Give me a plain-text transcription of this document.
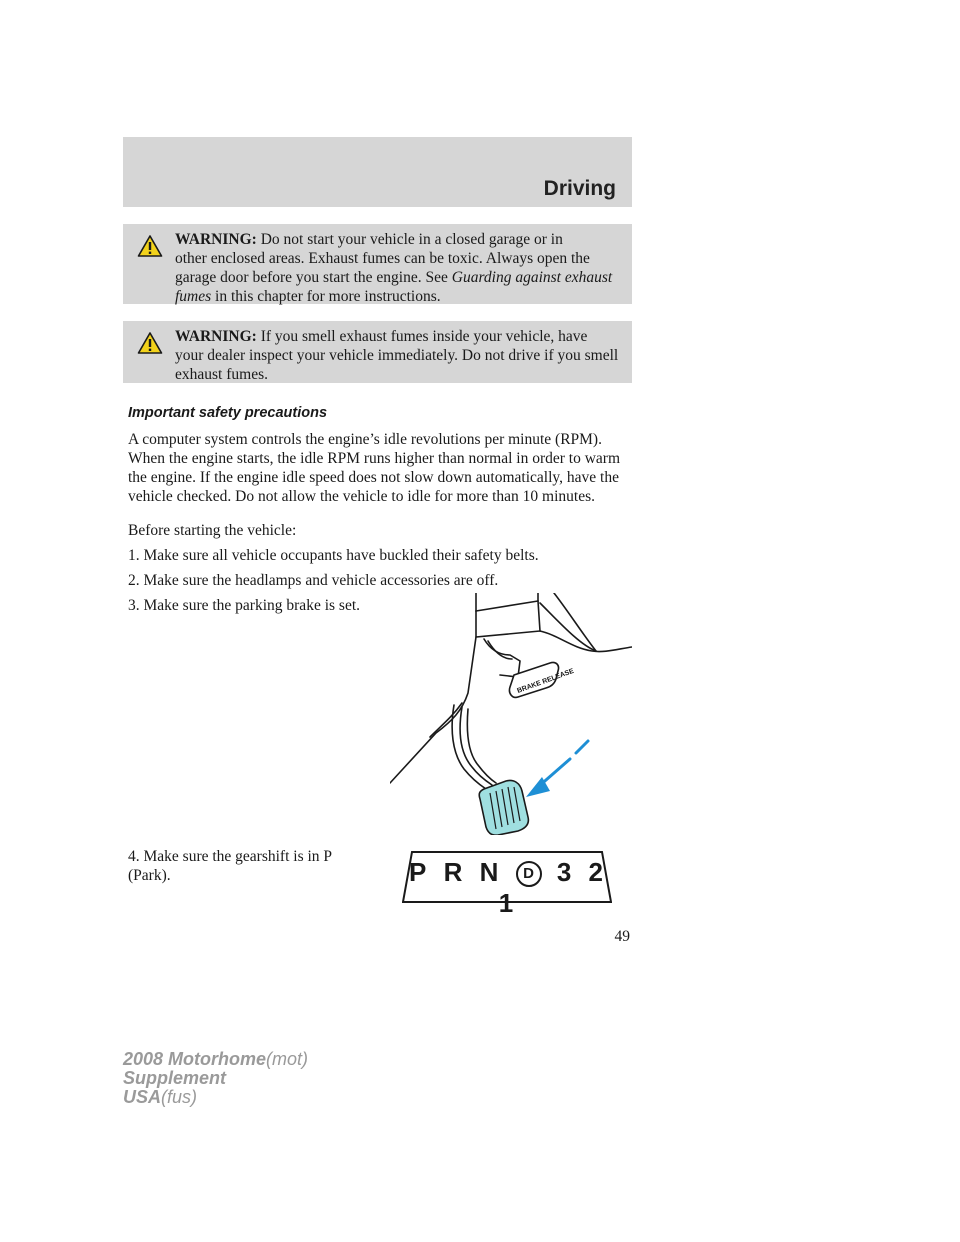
Driving
WARNING: Do not start your vehicle in a closed garage or in
other enclosed areas. Exhaust fumes can be toxic. Always open the garage door before you start the engine. See Guarding against exhaust fumes in this chapter for more instructions.
WARNING: If you smell exhaust fumes inside your vehicle, have
your dealer inspect your vehicle immediately. Do not drive if you smell exhaust fumes.
Important safety precautions

A computer system controls the engine’s idle revolutions per minute (RPM). When the engine starts, the idle RPM runs higher than normal in order to warm the engine. If the engine idle speed does not slow down automatically, have the vehicle checked. Do not allow the vehicle to idle for more than 10 minutes.

Before starting the vehicle:

1. Make sure all vehicle occupants have buckled their safety belts.

2. Make sure the headlamps and vehicle accessories are off.

3. Make sure the parking brake is set.

4. Make sure the gearshift is in P (Park).

BRAKE RELEASE
P R N D 3 2 1
49
2008 Motorhome(mot)
Supplement
USA(fus)
